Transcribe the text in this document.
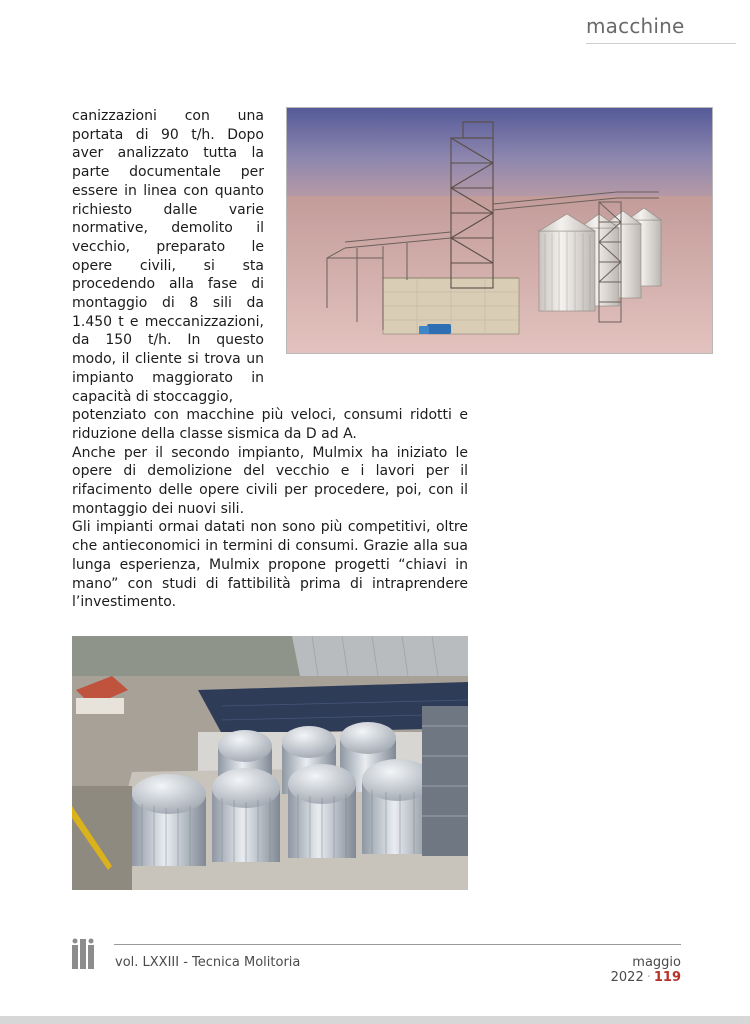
macchine

canizzazioni con una portata di 90 t/h. Dopo aver analizzato tutta la parte documentale per essere in linea con quanto richiesto dalle varie normative, demolito il vecchio, preparato le opere civili, si sta procedendo alla fase di montaggio di 8 sili da 1.450 t e meccanizzazioni, da 150 t/h. In questo modo, il cliente si trova un impianto maggiorato in capacità di stoccaggio,

potenziato con macchine più veloci, consumi ridotti e riduzione della classe sismica da D ad A.

Anche per il secondo impianto, Mulmix ha iniziato le opere di demolizione del vecchio e i lavori per il rifacimento delle opere civili per procedere, poi, con il montaggio dei nuovi sili.

Gli impianti ormai datati non sono più competitivi, oltre che antieconomici in termini di consumi. Grazie alla sua lunga esperienza, Mulmix propone progetti “chiavi in mano” con studi di fattibilità prima di intraprendere l’investimento.

vol. LXXIII - Tecnica Molitoria	maggio 2022 · 119
